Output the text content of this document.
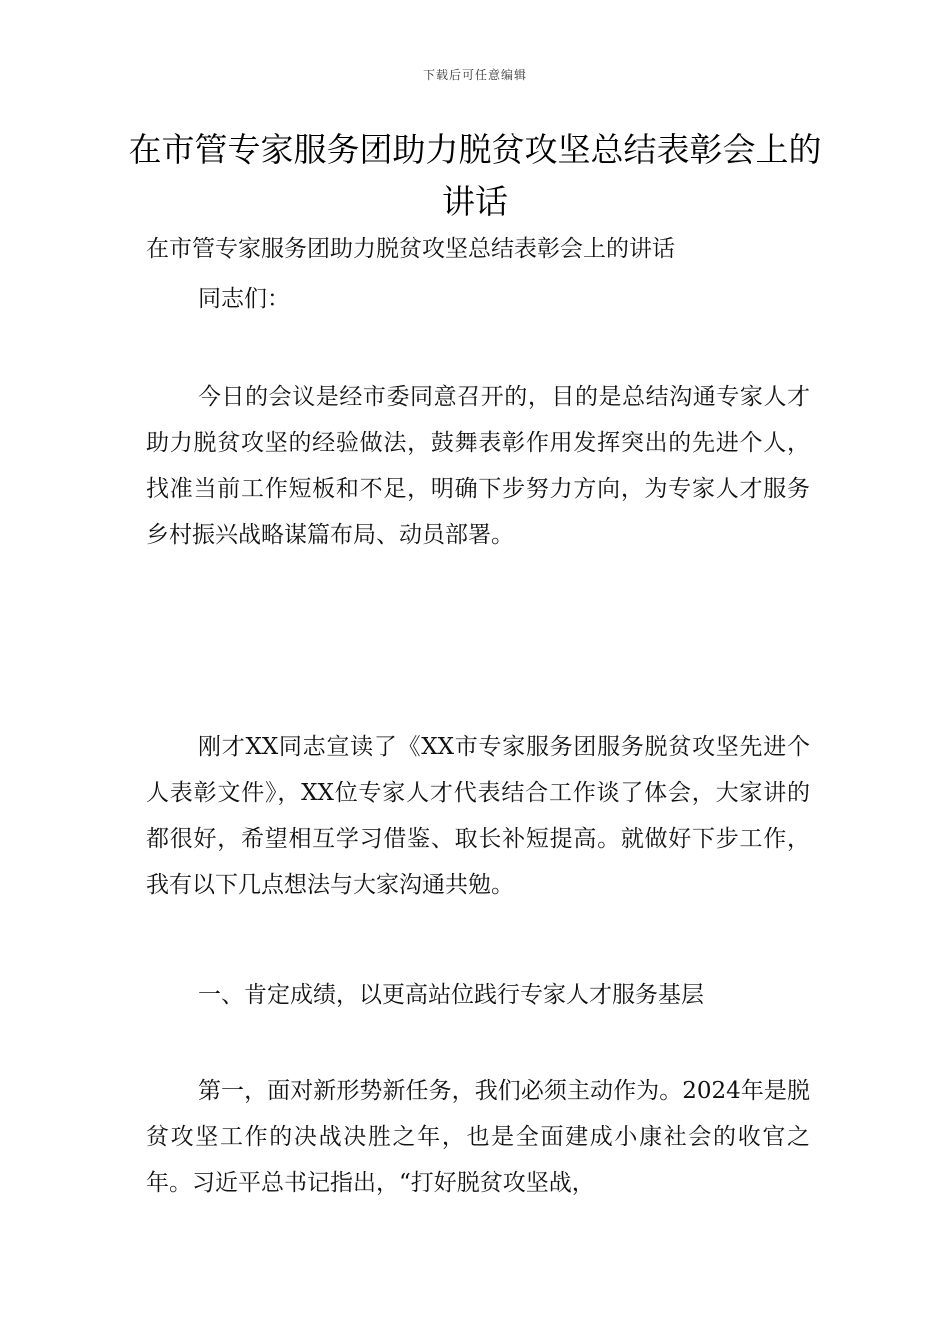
下载后可任意编辑
在市管专家服务团助力脱贫攻坚总结表彰会上的讲话

在市管专家服务团助力脱贫攻坚总结表彰会上的讲话

同志们：

今日的会议是经市委同意召开的，目的是总结沟通专家人才助力脱贫攻坚的经验做法，鼓舞表彰作用发挥突出的先进个人，找准当前工作短板和不足，明确下步努力方向，为专家人才服务乡村振兴战略谋篇布局、动员部署。

刚才XX同志宣读了《XX市专家服务团服务脱贫攻坚先进个人表彰文件》，XX位专家人才代表结合工作谈了体会，大家讲的都很好，希望相互学习借鉴、取长补短提高。就做好下步工作，我有以下几点想法与大家沟通共勉。

一、肯定成绩，以更高站位践行专家人才服务基层

第一，面对新形势新任务，我们必须主动作为。2024年是脱贫攻坚工作的决战决胜之年，也是全面建成小康社会的收官之年。习近平总书记指出，“打好脱贫攻坚战，
